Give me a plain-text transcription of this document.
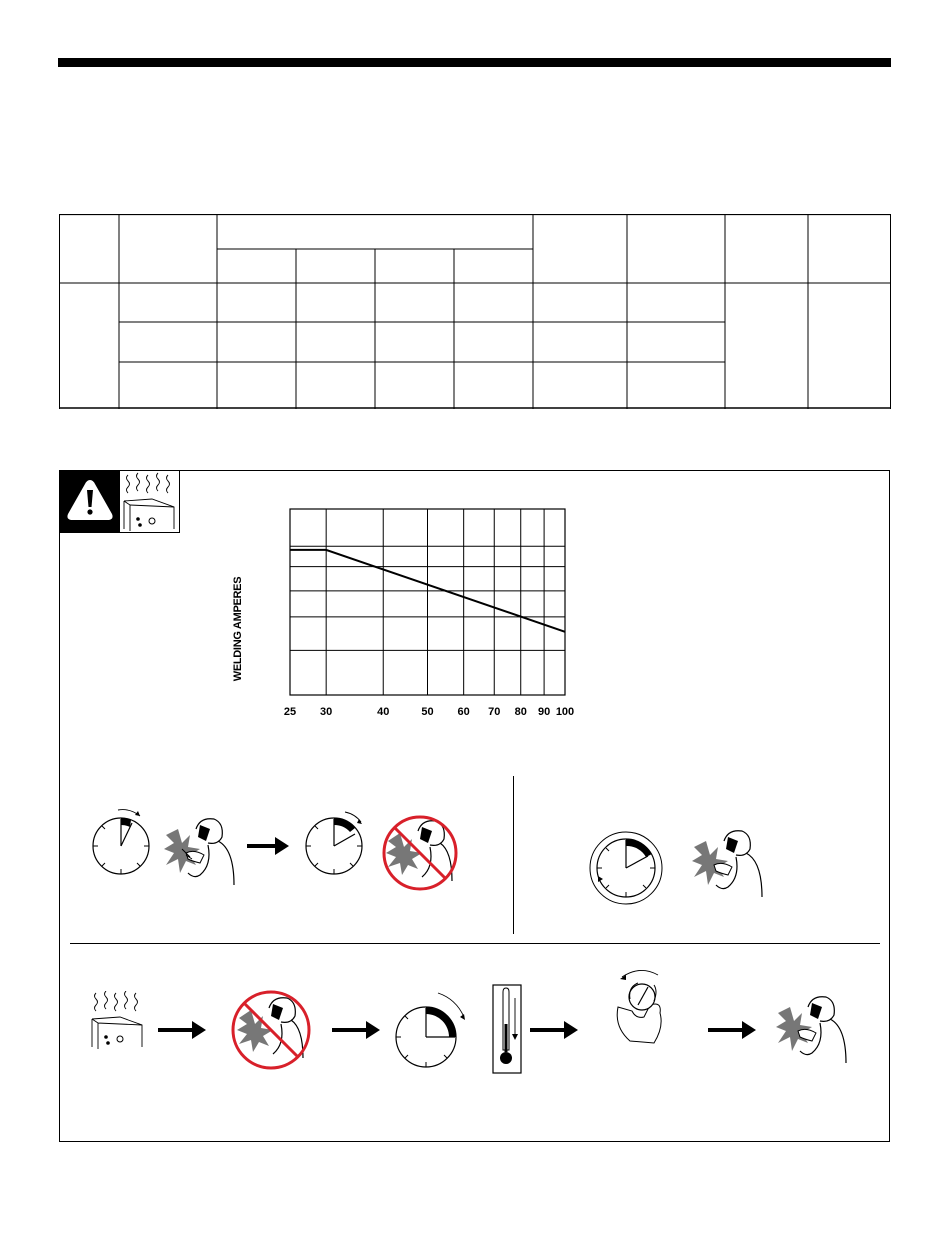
WELDING AMPERES
25 30	40	50 60 70 80 90 100
